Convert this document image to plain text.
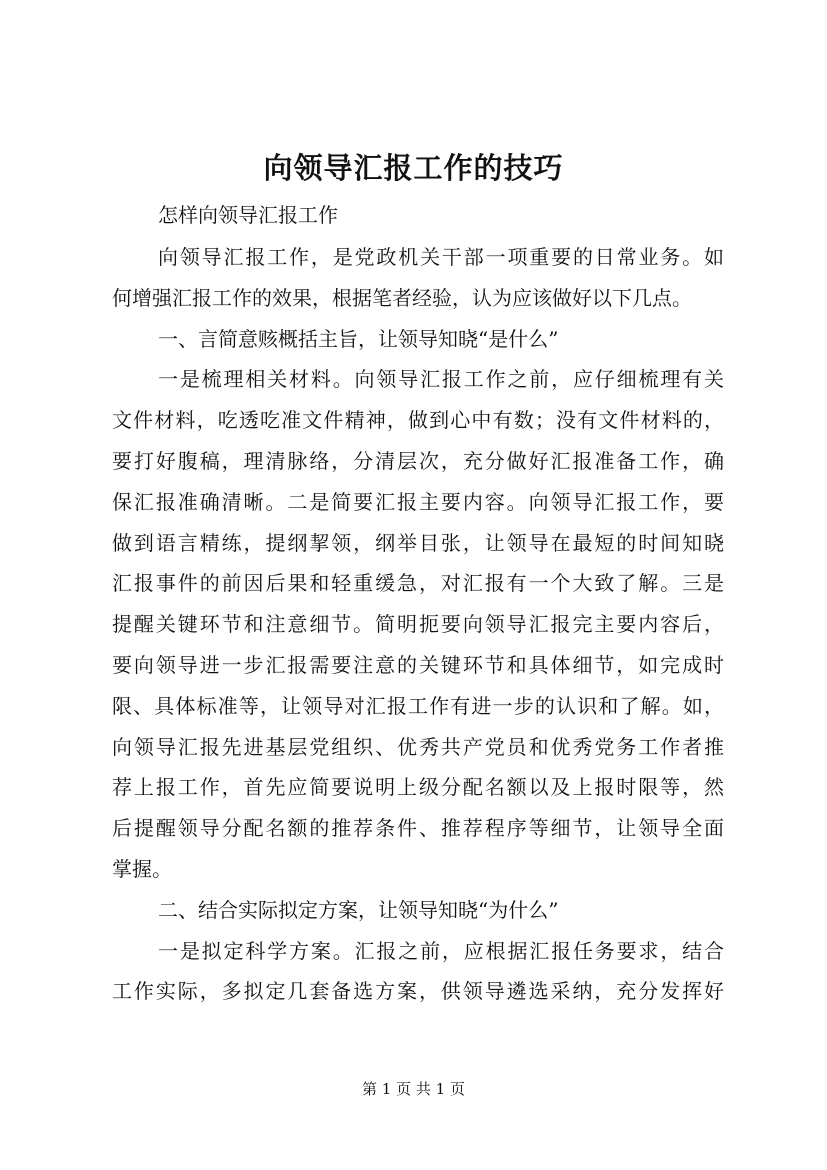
向领导汇报工作的技巧
怎样向领导汇报工作
向领导汇报工作，是党政机关干部一项重要的日常业务。如
何增强汇报工作的效果，根据笔者经验，认为应该做好以下几点。
一、言简意赅概括主旨，让领导知晓“是什么”
一是梳理相关材料。向领导汇报工作之前，应仔细梳理有关
文件材料，吃透吃准文件精神，做到心中有数；没有文件材料的，
要打好腹稿，理清脉络，分清层次，充分做好汇报准备工作，确
保汇报准确清晰。二是简要汇报主要内容。向领导汇报工作，要
做到语言精练，提纲挈领，纲举目张，让领导在最短的时间知晓
汇报事件的前因后果和轻重缓急，对汇报有一个大致了解。三是
提醒关键环节和注意细节。简明扼要向领导汇报完主要内容后，
要向领导进一步汇报需要注意的关键环节和具体细节，如完成时
限、具体标准等，让领导对汇报工作有进一步的认识和了解。如，
向领导汇报先进基层党组织、优秀共产党员和优秀党务工作者推
荐上报工作，首先应简要说明上级分配名额以及上报时限等，然
后提醒领导分配名额的推荐条件、推荐程序等细节，让领导全面
掌握。
二、结合实际拟定方案，让领导知晓“为什么”
一是拟定科学方案。汇报之前，应根据汇报任务要求，结合
工作实际，多拟定几套备选方案，供领导遴选采纳，充分发挥好
第 1 页 共 1 页
